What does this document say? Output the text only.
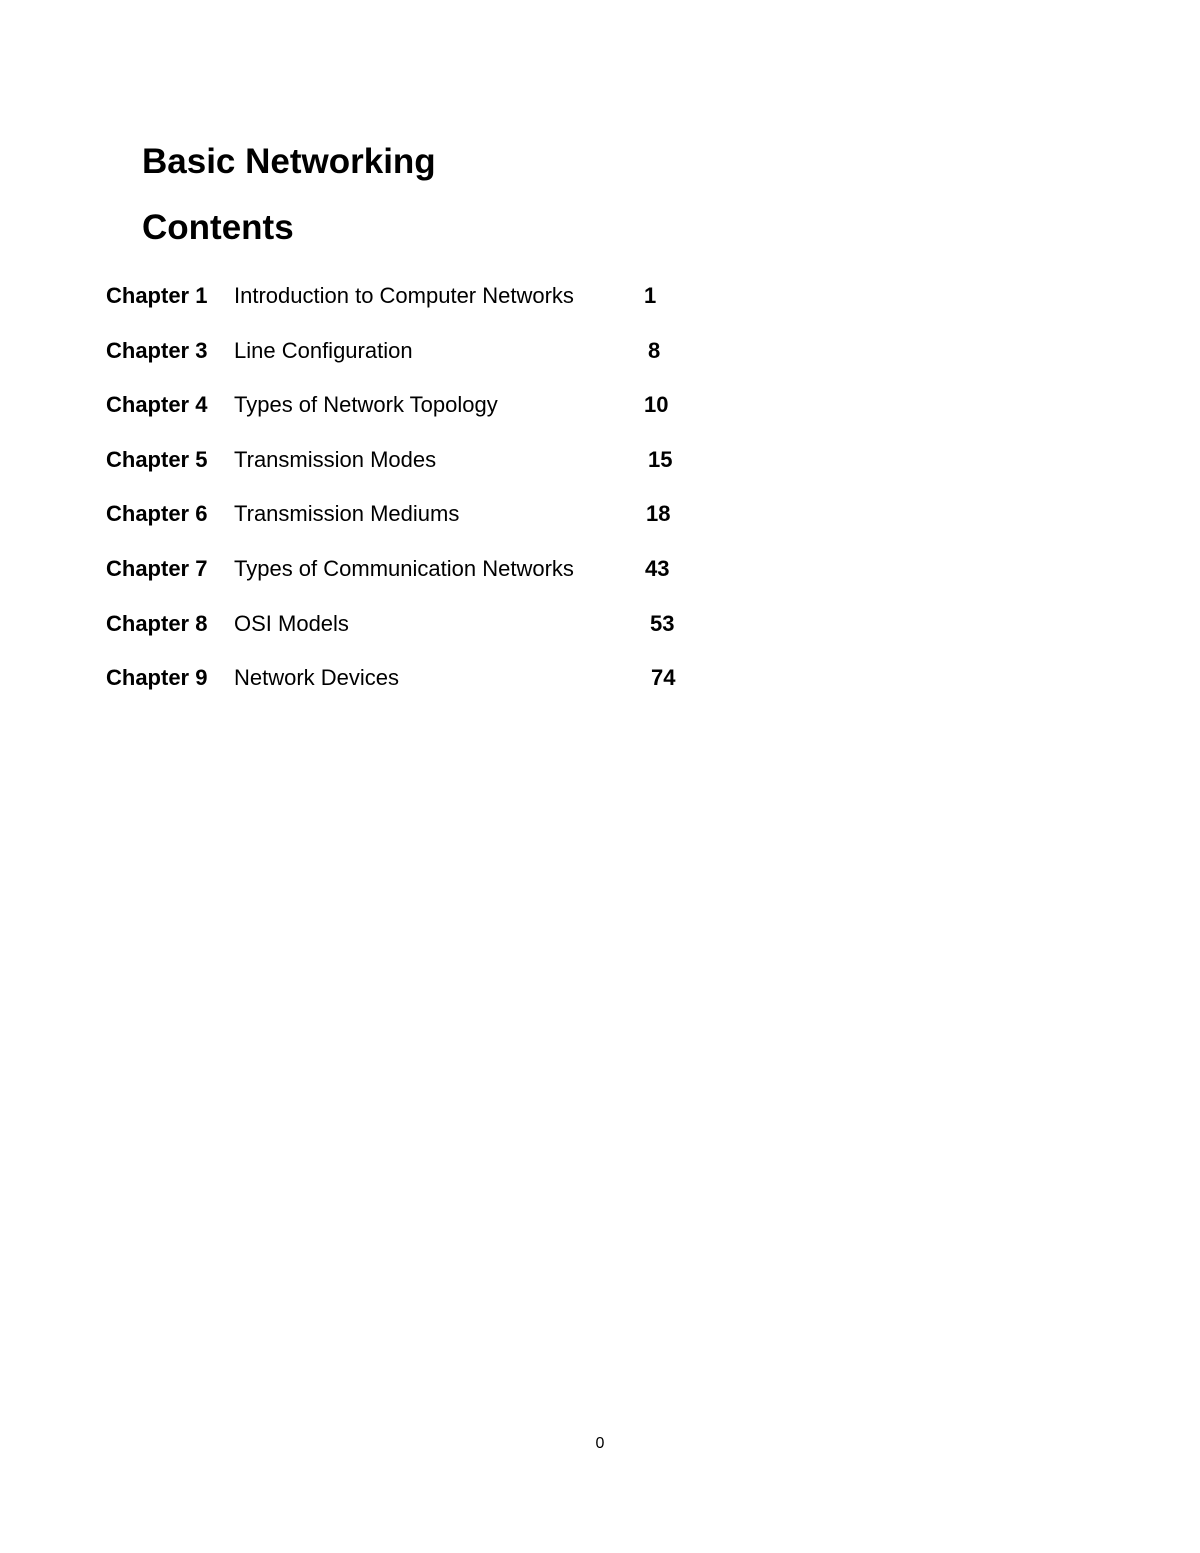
Basic Networking
Contents
Chapter 1 Introduction to Computer Networks	1
Chapter 3 Line Configuration	8
Chapter 4 Types of Network Topology	10
Chapter 5 Transmission Modes	15
Chapter 6 Transmission Mediums	18
Chapter 7 Types of Communication Networks	43
Chapter 8 OSI Models	53
Chapter 9 Network Devices	74
0
